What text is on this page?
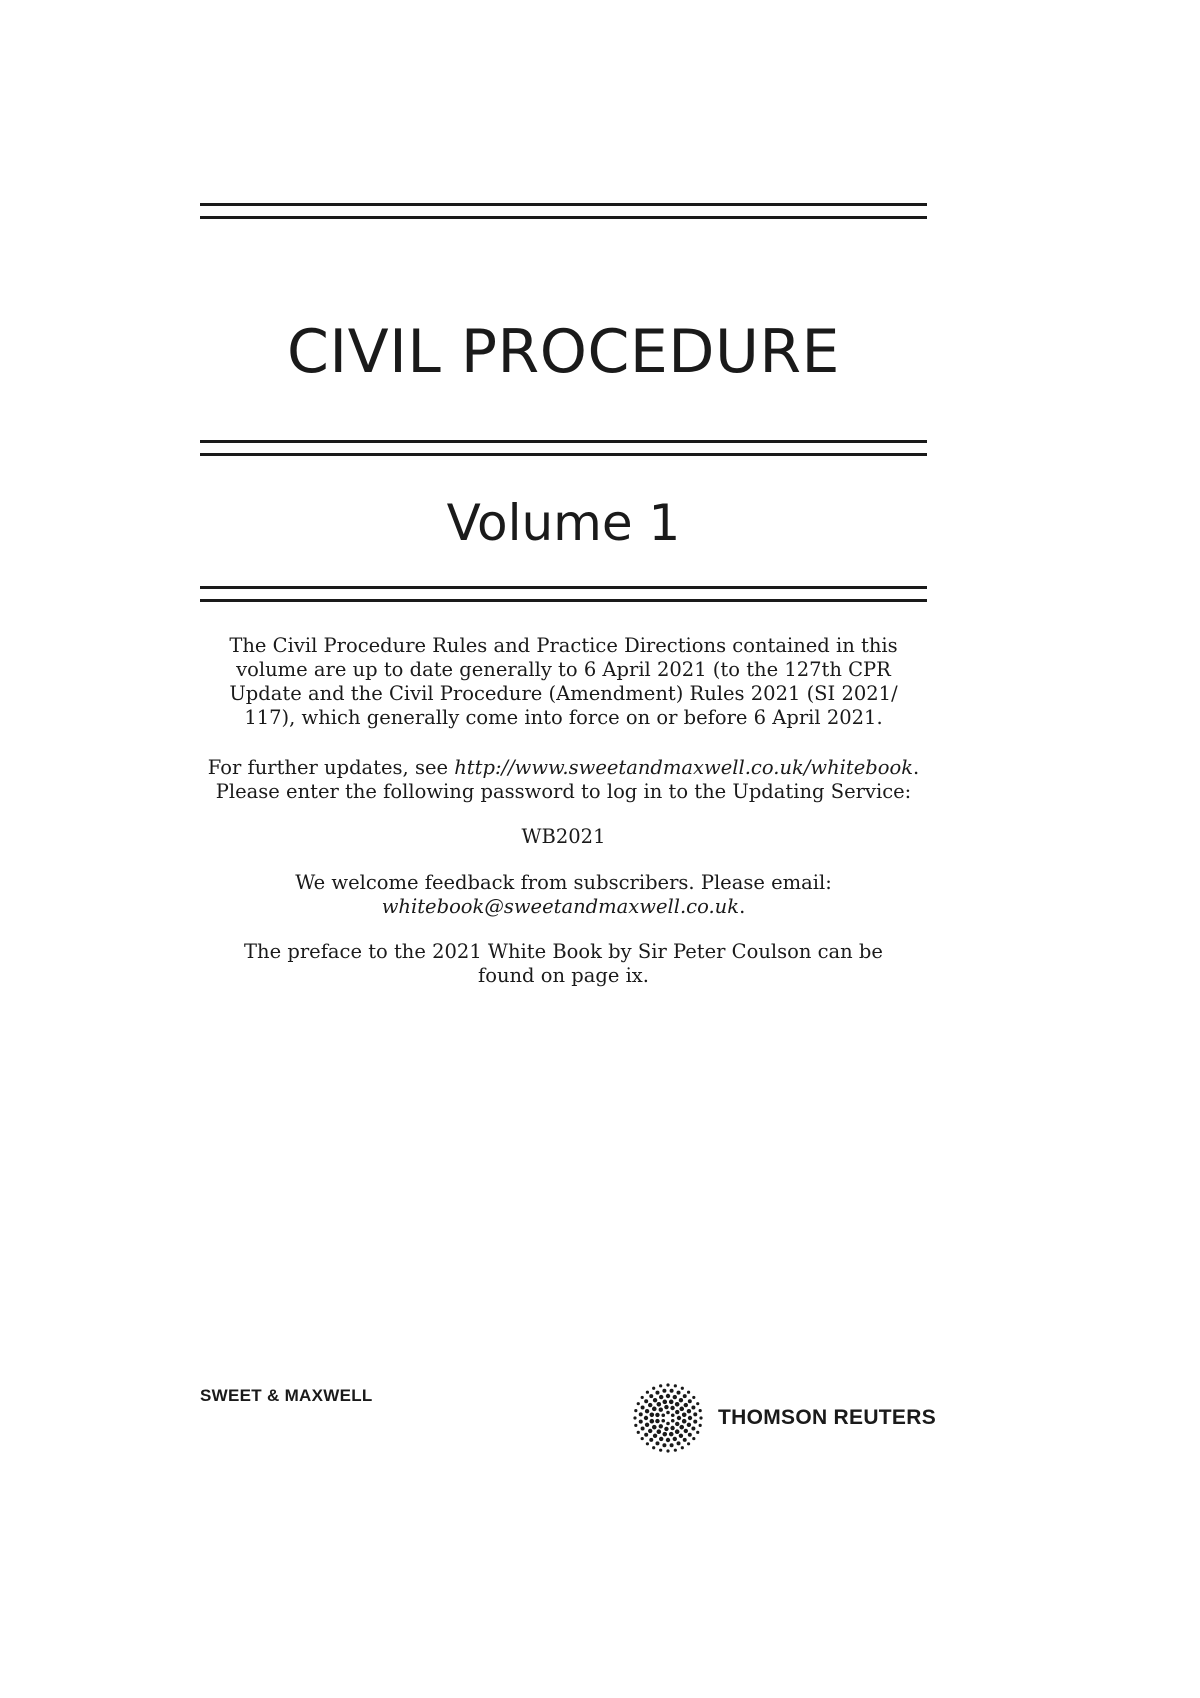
CIVIL PROCEDURE
Volume 1
The Civil Procedure Rules and Practice Directions contained in this
volume are up to date generally to 6 April 2021 (to the 127th CPR
Update and the Civil Procedure (Amendment) Rules 2021 (SI 2021/
117), which generally come into force on or before 6 April 2021.
For further updates, see http://www.sweetandmaxwell.co.uk/whitebook.
Please enter the following password to log in to the Updating Service:
WB2021
We welcome feedback from subscribers. Please email:
whitebook@sweetandmaxwell.co.uk.
The preface to the 2021 White Book by Sir Peter Coulson can be
found on page ix.
SWEET & MAXWELL
THOMSON REUTERS
